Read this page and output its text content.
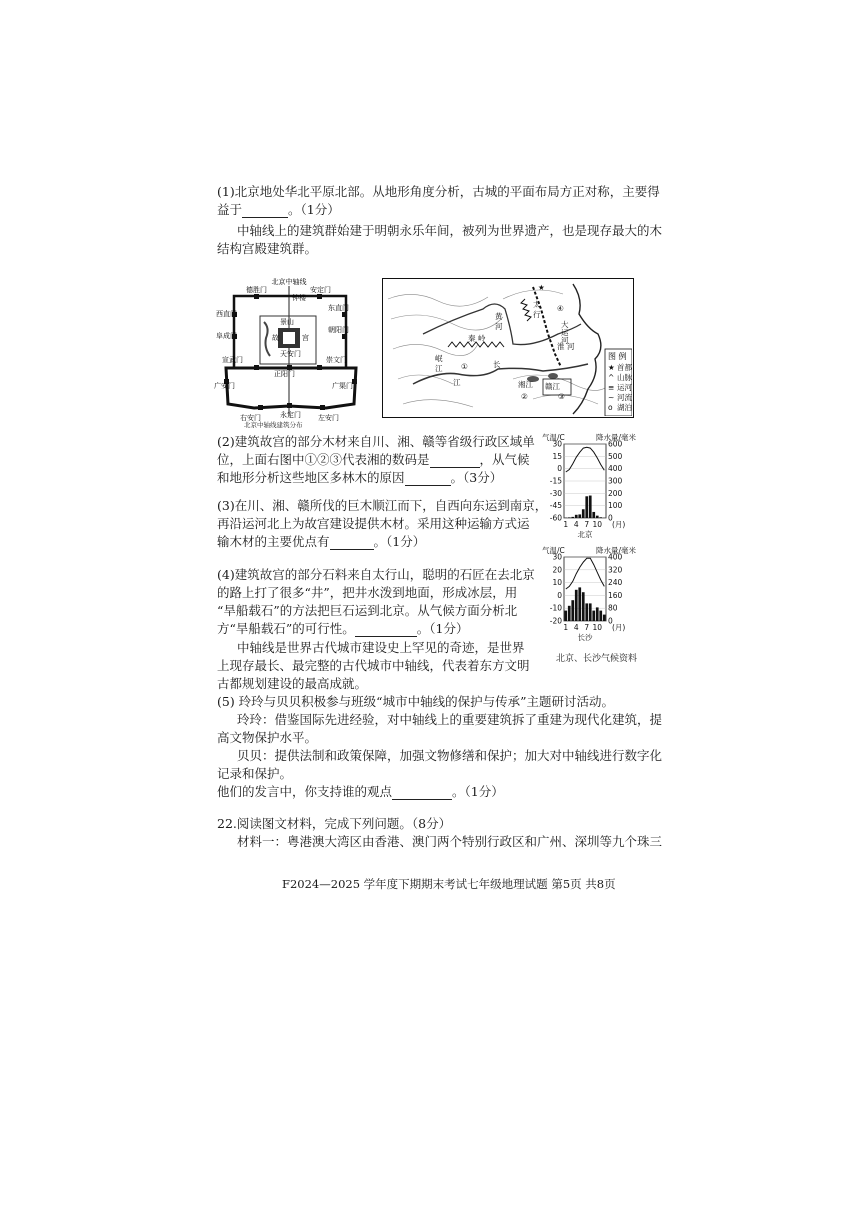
(1)北京地处华北平原北部。从地形角度分析，古城的平面布局方正对称，主要得
益于	。（1分）
中轴线上的建筑群始建于明朝永乐年间，被列为世界遗产，也是现存最大的木
结构宫殿建筑群。
北京中轴线
德胜门	安定门
钟楼
西直门
东直门
阜成门
朝阳门
景山
故	宫
天安门
宣武门	崇文门
正阳门
广安门	广渠门
右安门	永定门 左安门
北京中轴线建筑分布
★
④
太
行
黄
河
秦 岭
淮 河
大
运
河
岷
江	长
①
②	③
湘江 赣江
江
图 例
★ 首都
^ 山脉
≡ 运河
~ 河流
o 湖泊
(2)建筑故宫的部分木材来自川、湘、赣等省级行政区域单
位，上面右图中①②③代表湘的数码是	，从气候
和地形分析这些地区多林木的原因	。（3分）
(3)在川、湘、赣所伐的巨木顺江而下，自西向东运到南京，
再沿运河北上为故宫建设提供木材。采用这种运输方式运
输木材的主要优点有	。（1分）
(4)建筑故宫的部分石料来自太行山，聪明的石匠在去北京
的路上打了很多“井”，把井水泼到地面，形成冰层，用
“旱船载石”的方法把巨石运到北京。从气候方面分析北
方“旱船载石”的可行性。	。（1分）
中轴线是世界古代城市建设史上罕见的奇迹，是世界
上现存最长、最完整的古代城市中轴线，代表着东方文明
古都规划建设的最高成就。
气温/C	降水量/毫米
30
15
0
-15
-30
-45
-60
600
500
400
300
200
100
0
1 4 7 10 (月)
北京
气温/C	降水量/毫米
30
20
10
0
-10
-20
400
320
240
160
80
0
1 4 7 10 (月)
长沙
北京、长沙气候资料
(5) 玲玲与贝贝积极参与班级“城市中轴线的保护与传承”主题研讨活动。
玲玲：借鉴国际先进经验，对中轴线上的重要建筑拆了重建为现代化建筑，提
高文物保护水平。
贝贝：提供法制和政策保障，加强文物修缮和保护；加大对中轴线进行数字化
记录和保护。
他们的发言中，你支持谁的观点	。（1分）
22.阅读图文材料，完成下列问题。（8分）
材料一：粤港澳大湾区由香港、澳门两个特别行政区和广州、深圳等九个珠三
F2024—2025 学年度下期期末考试七年级地理试题 第5页 共8页
